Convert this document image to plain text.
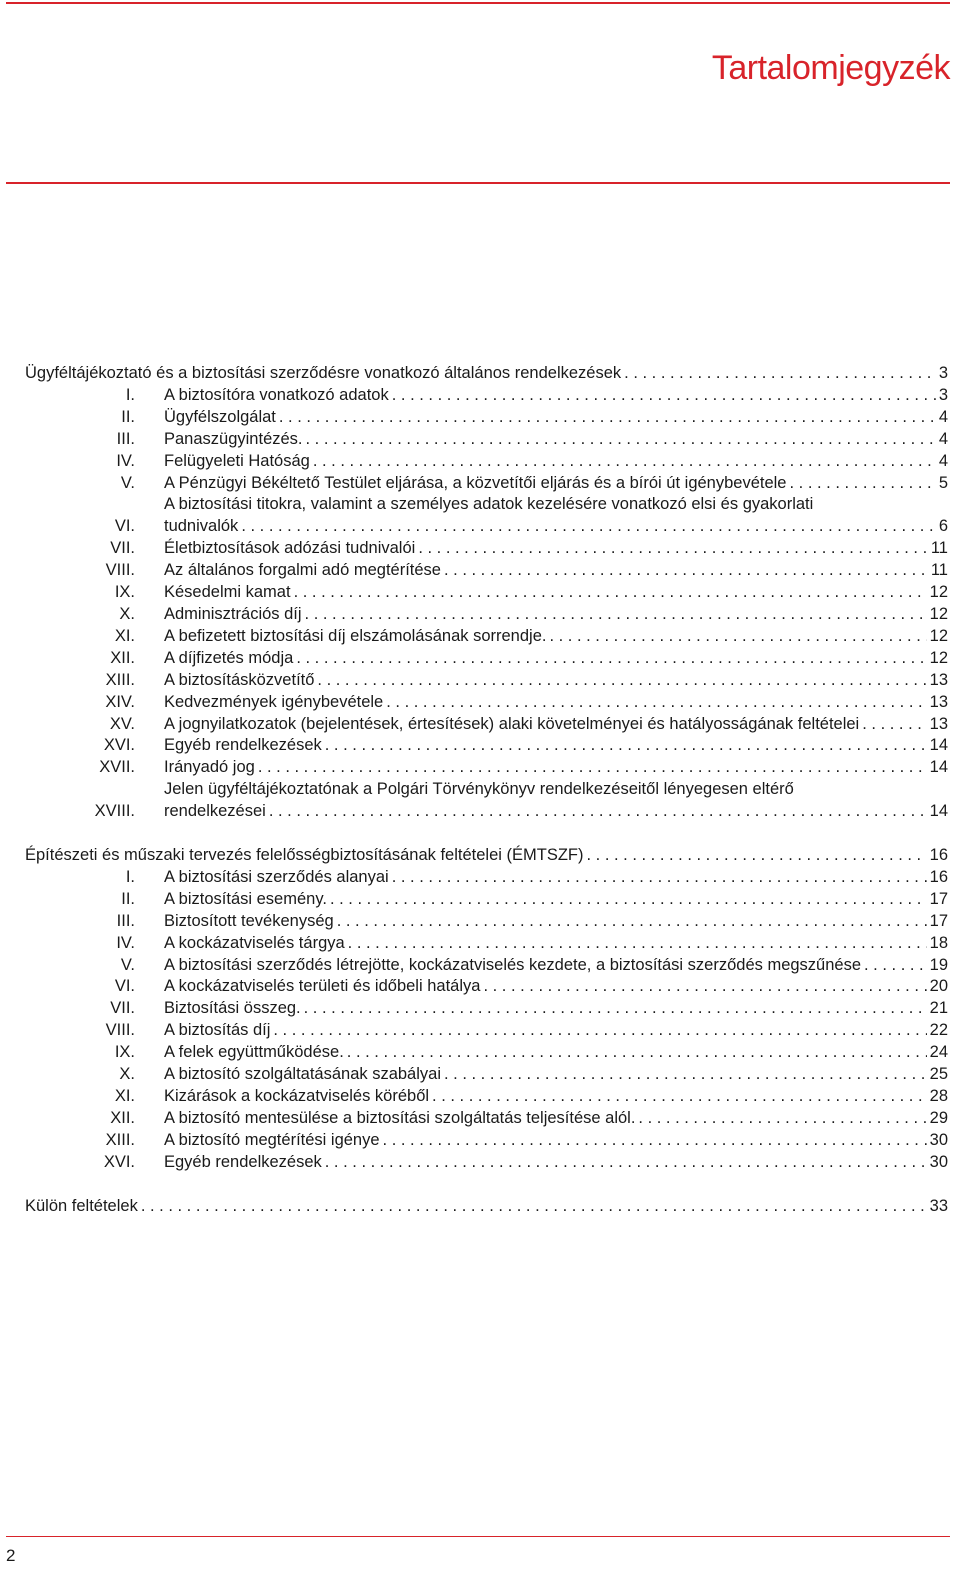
Tartalomjegyzék
Ügyféltájékoztató és a biztosítási szerződésre vonatkozó általános rendelkezések . . .	3
I. A biztosítóra vonatkozó adatok . . .	3
II. Ügyfélszolgálat . . .	4
III. Panaszügyintézés. . . .	4
IV. Felügyeleti Hatóság . . .	4
V. A Pénzügyi Békéltető Testület eljárása, a közvetítői eljárás és a bírói út igénybevétele . . .	5
VI.
A biztosítási titokra, valamint a személyes adatok kezelésére vonatkozó elsi és gyakorlati
tudnivalók . . .	6
VII. Életbiztosítások adózási tudnivalói . . .	11
VIII. Az általános forgalmi adó megtérítése . . .	11
IX. Késedelmi kamat . . .	12
X. Adminisztrációs díj . . .	12
XI. A befizetett biztosítási díj elszámolásának sorrendje. . . .	12
XII. A díjfizetés módja . . .	12
XIII. A biztosításközvetítő . . .	13
XIV. Kedvezmények igénybevétele . . .	13
XV. A jognyilatkozatok (bejelentések, értesítések) alaki követelményei és hatályosságának feltételei . . .	13
XVI. Egyéb rendelkezések . . .	14
XVII. Irányadó jog . . .	14
XVIII.
Jelen ügyféltájékoztatónak a Polgári Törvénykönyv rendelkezéseitől lényegesen eltérő
rendelkezései . . .	14
Építészeti és műszaki tervezés felelősségbiztosításának feltételei (ÉMTSZF) . . .	16
I. A biztosítási szerződés alanyai . . .	16
II. A biztosítási esemény. . . .	17
III. Biztosított tevékenység . . .	17
IV. A kockázatviselés tárgya . . .	18
V. A biztosítási szerződés létrejötte, kockázatviselés kezdete, a biztosítási szerződés megszűnése . . .	19
VI. A kockázatviselés területi és időbeli hatálya . . .	20
VII. Biztosítási összeg. . . .	21
VIII. A biztosítás díj . . .	22
IX. A felek együttműködése. . . .	24
X. A biztosító szolgáltatásának szabályai . . .	25
XI. Kizárások a kockázatviselés köréből . . .	28
XII. A biztosító mentesülése a biztosítási szolgáltatás teljesítése alól. . . .	29
XIII. A biztosító megtérítési igénye . . .	30
XVI. Egyéb rendelkezések . . .	30
Külön feltételek . . .	33
2
